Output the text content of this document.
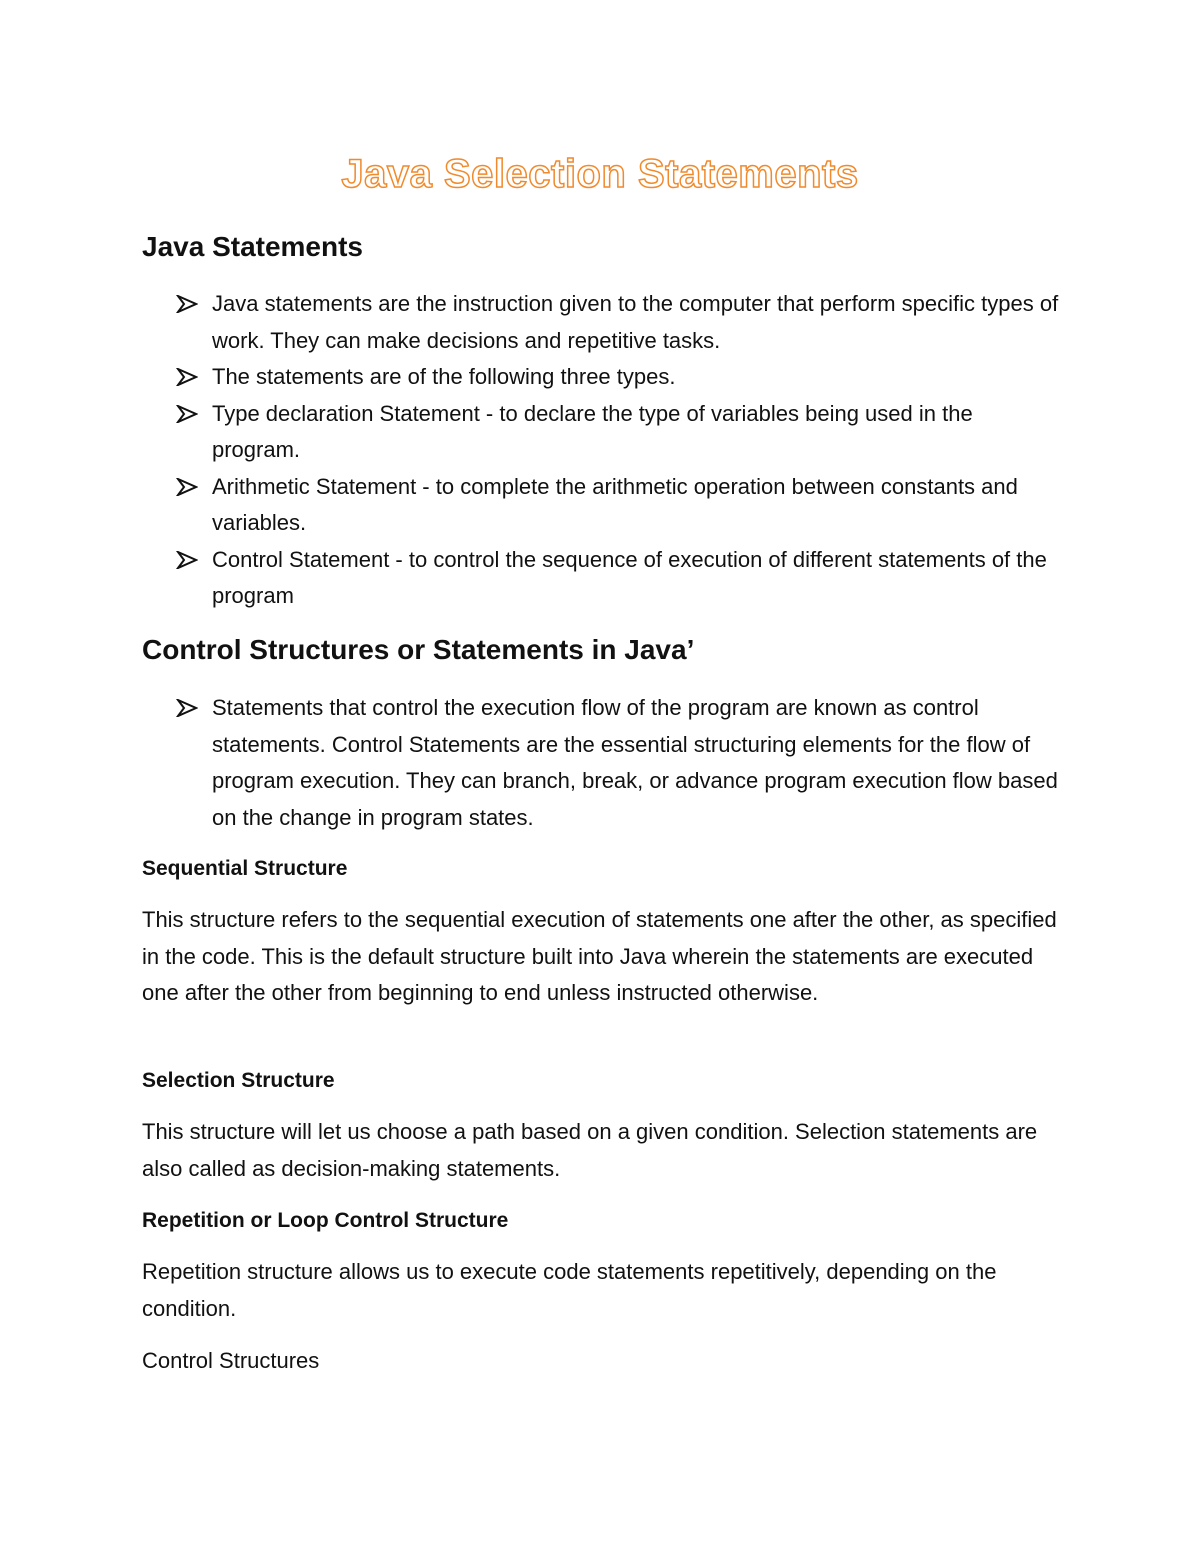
Java Selection Statements
Java Statements
Java statements are the instruction given to the computer that perform specific types of work. They can make decisions and repetitive tasks.
The statements are of the following three types.
Type declaration Statement - to declare the type of variables being used in the program.
Arithmetic Statement - to complete the arithmetic operation between constants and variables.
Control Statement - to control the sequence of execution of different statements of the program
Control Structures or Statements in Java’
Statements that control the execution flow of the program are known as control statements. Control Statements are the essential structuring elements for the flow of program execution. They can branch, break, or advance program execution flow based on the change in program states.
Sequential Structure
This structure refers to the sequential execution of statements one after the other, as specified in the code. This is the default structure built into Java wherein the statements are executed one after the other from beginning to end unless instructed otherwise.
Selection Structure
This structure will let us choose a path based on a given condition. Selection statements are also called as decision-making statements.
Repetition or Loop Control Structure
Repetition structure allows us to execute code statements repetitively, depending on the condition.
Control Structures
